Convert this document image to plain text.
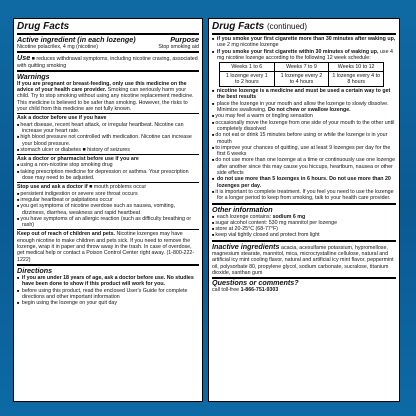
Drug Facts
Active ingredient (in each lozenge)	Purpose
Nicotine polacrilex, 4 mg (nicotine)	Stop smoking aid
Use ■ reduces withdrawal symptoms, including nicotine craving, associated with quitting smoking
Warnings
If you are pregnant or breast-feeding, only use this medicine on the advice of your health care provider. Smoking can seriously harm your child. Try to stop smoking without using any nicotine replacement medicine. This medicine is believed to be safer than smoking. However, the risks to your child from this medicine are not fully known.
Ask a doctor before use if you have
■ heart disease, recent heart attack, or irregular heartbeat. Nicotine can increase your heart rate.
■ high blood pressure not controlled with medication. Nicotine can increase your blood pressure.
■ stomach ulcer or diabetes ■ history of seizures
Ask a doctor or pharmacist before use if you are
■ using a non-nicotine stop smoking drug
■ taking prescription medicine for depression or asthma. Your prescription dose may need to be adjusted.
Stop use and ask a doctor if ■ mouth problems occur
■ persistent indigestion or severe sore throat occurs
■ irregular heartbeat or palpitations occur
■ you get symptoms of nicotine overdose such as nausea, vomiting, dizziness, diarrhea, weakness and rapid heartbeat
■ you have symptoms of an allergic reaction (such as difficulty breathing or rash)
Keep out of reach of children and pets. Nicotine lozenges may have enough nicotine to make children and pets sick. If you need to remove the lozenge, wrap it in paper and throw away in the trash. In case of overdose, get medical help or contact a Poison Control Center right away. (1-800-222-1222)
Directions
■ if you are under 18 years of age, ask a doctor before use. No studies have been done to show if this product will work for you.
■ before using this product, read the enclosed User's Guide for complete directions and other important information
■ begin using the lozenge on your quit day
Drug Facts (continued)
■ if you smoke your first cigarette more than 30 minutes after waking up, use 2 mg nicotine lozenge
■ if you smoke your first cigarette within 30 minutes of waking up, use 4 mg nicotine lozenge according to the following 12 week schedule:
Weeks 1 to 6	Weeks 7 to 9	Weeks 10 to 12
1 lozenge every 1 to 2 hours	1 lozenge every 2 to 4 hours	1 lozenge every 4 to 8 hours
■ nicotine lozenge is a medicine and must be used a certain way to get the best results
■ place the lozenge in your mouth and allow the lozenge to slowly dissolve. Minimize swallowing. Do not chew or swallow lozenge.
■ you may feel a warm or tingling sensation
■ occasionally move the lozenge from one side of your mouth to the other until completely dissolved
■ do not eat or drink 15 minutes before using or while the lozenge is in your mouth
■ to improve your chances of quitting, use at least 9 lozenges per day for the first 6 weeks
■ do not use more than one lozenge at a time or continuously use one lozenge after another since this may cause you hiccups, heartburn, nausea or other side effects
■ do not use more than 5 lozenges in 6 hours. Do not use more than 20 lozenges per day.
■ it is important to complete treatment. If you feel you need to use the lozenge for a longer period to keep from smoking, talk to your health care provider.
Other information
■ each lozenge contains: sodium 6 mg
■ sugar alcohol content: 530 mg mannitol per lozenge
■ store at 20-25°C (68-77°F)
■ keep vial tightly closed and protect from light
Inactive ingredients acacia, acesulfame potassium, hypromellose, magnesium stearate, mannitol, mica, microcrystalline cellulose, natural and artificial icy mint cooling flavor, natural and artificial icy mint flavor, peppermint oil, polysorbate 80, propylene glycol, sodium carbonate, sucralose, titanium dioxide, xanthan gum
Questions or comments?
call toll-free 1-866-751-9303
